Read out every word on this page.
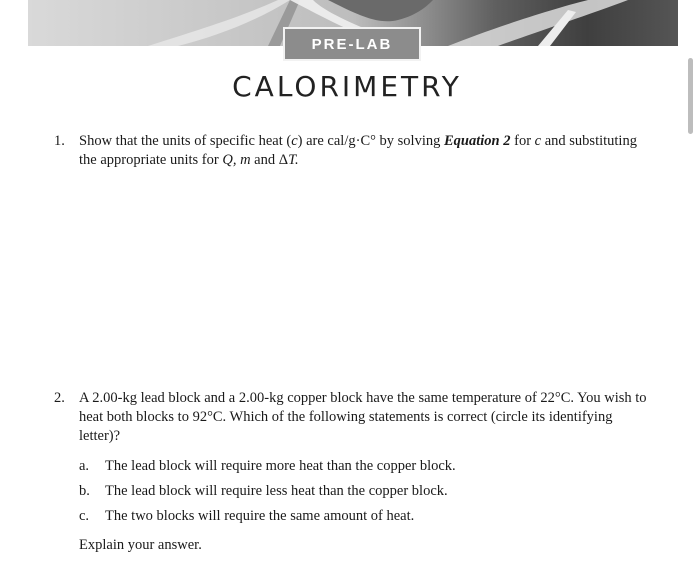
PRE-LAB
CALORIMETRY
1. Show that the units of specific heat (c) are cal/g·C° by solving Equation 2 for c and substituting the appropriate units for Q, m and ΔT.
2. A 2.00-kg lead block and a 2.00-kg copper block have the same temperature of 22°C. You wish to heat both blocks to 92°C. Which of the following statements is correct (circle its identifying letter)?
a. The lead block will require more heat than the copper block.
b. The lead block will require less heat than the copper block.
c. The two blocks will require the same amount of heat.
Explain your answer.
